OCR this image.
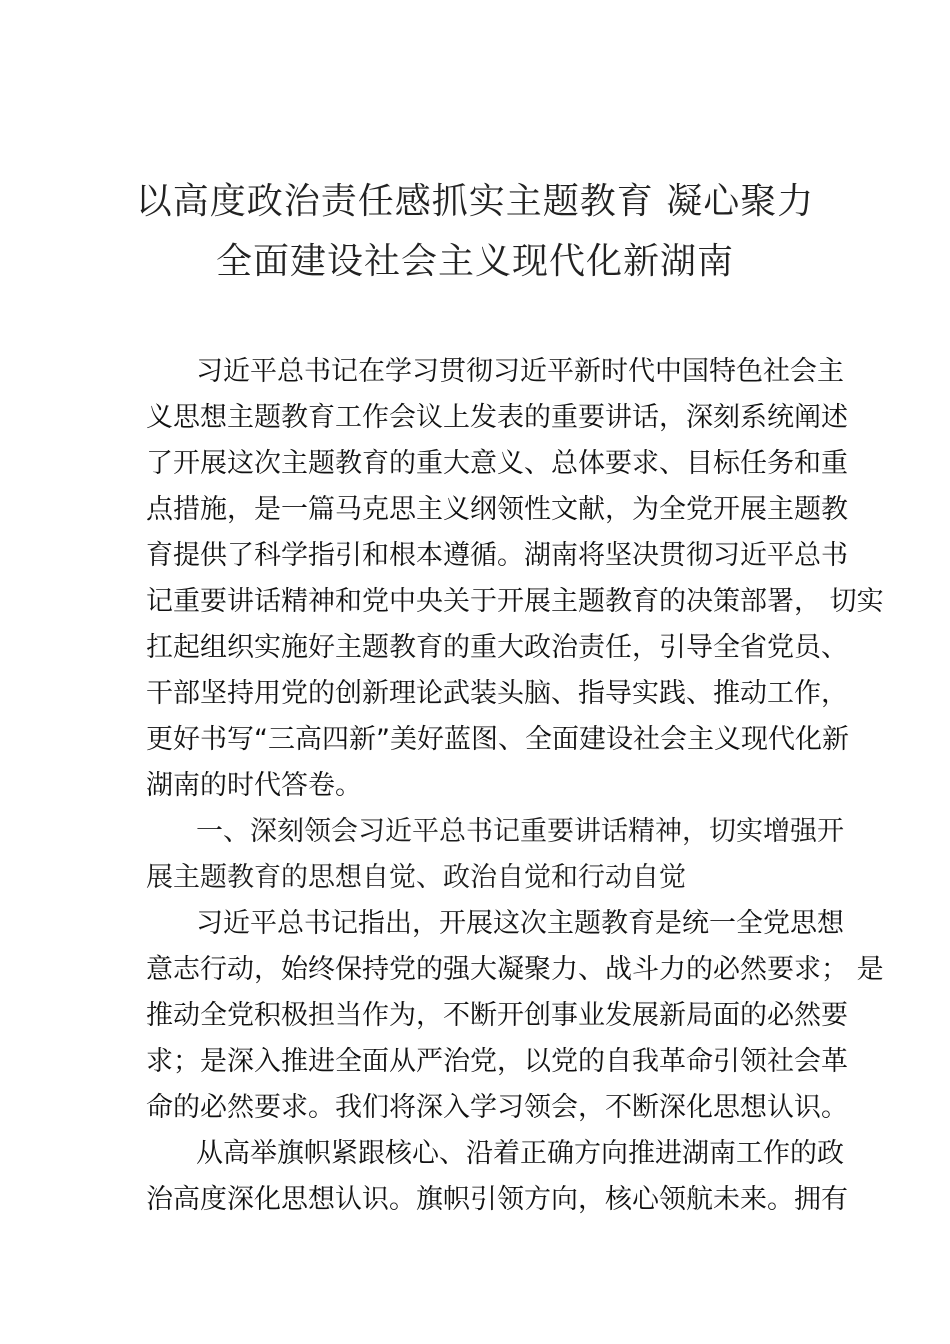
以高度政治责任感抓实主题教育 凝心聚力
全面建设社会主义现代化新湖南
习近平总书记在学习贯彻习近平新时代中国特色社会主
义思想主题教育工作会议上发表的重要讲话，深刻系统阐述
了开展这次主题教育的重大意义、总体要求、目标任务和重
点措施，是一篇马克思主义纲领性文献，为全党开展主题教
育提供了科学指引和根本遵循。湖南将坚决贯彻习近平总书
记重要讲话精神和党中央关于开展主题教育的决策部署， 切实
扛起组织实施好主题教育的重大政治责任，引导全省党员、
干部坚持用党的创新理论武装头脑、指导实践、推动工作，
更好书写“三高四新”美好蓝图、全面建设社会主义现代化新
湖南的时代答卷。
一、深刻领会习近平总书记重要讲话精神，切实增强开
展主题教育的思想自觉、政治自觉和行动自觉
习近平总书记指出，开展这次主题教育是统一全党思想
意志行动，始终保持党的强大凝聚力、战斗力的必然要求； 是
推动全党积极担当作为，不断开创事业发展新局面的必然要
求；是深入推进全面从严治党，以党的自我革命引领社会革
命的必然要求。我们将深入学习领会，不断深化思想认识。
从高举旗帜紧跟核心、沿着正确方向推进湖南工作的政
治高度深化思想认识。旗帜引领方向，核心领航未来。拥有
